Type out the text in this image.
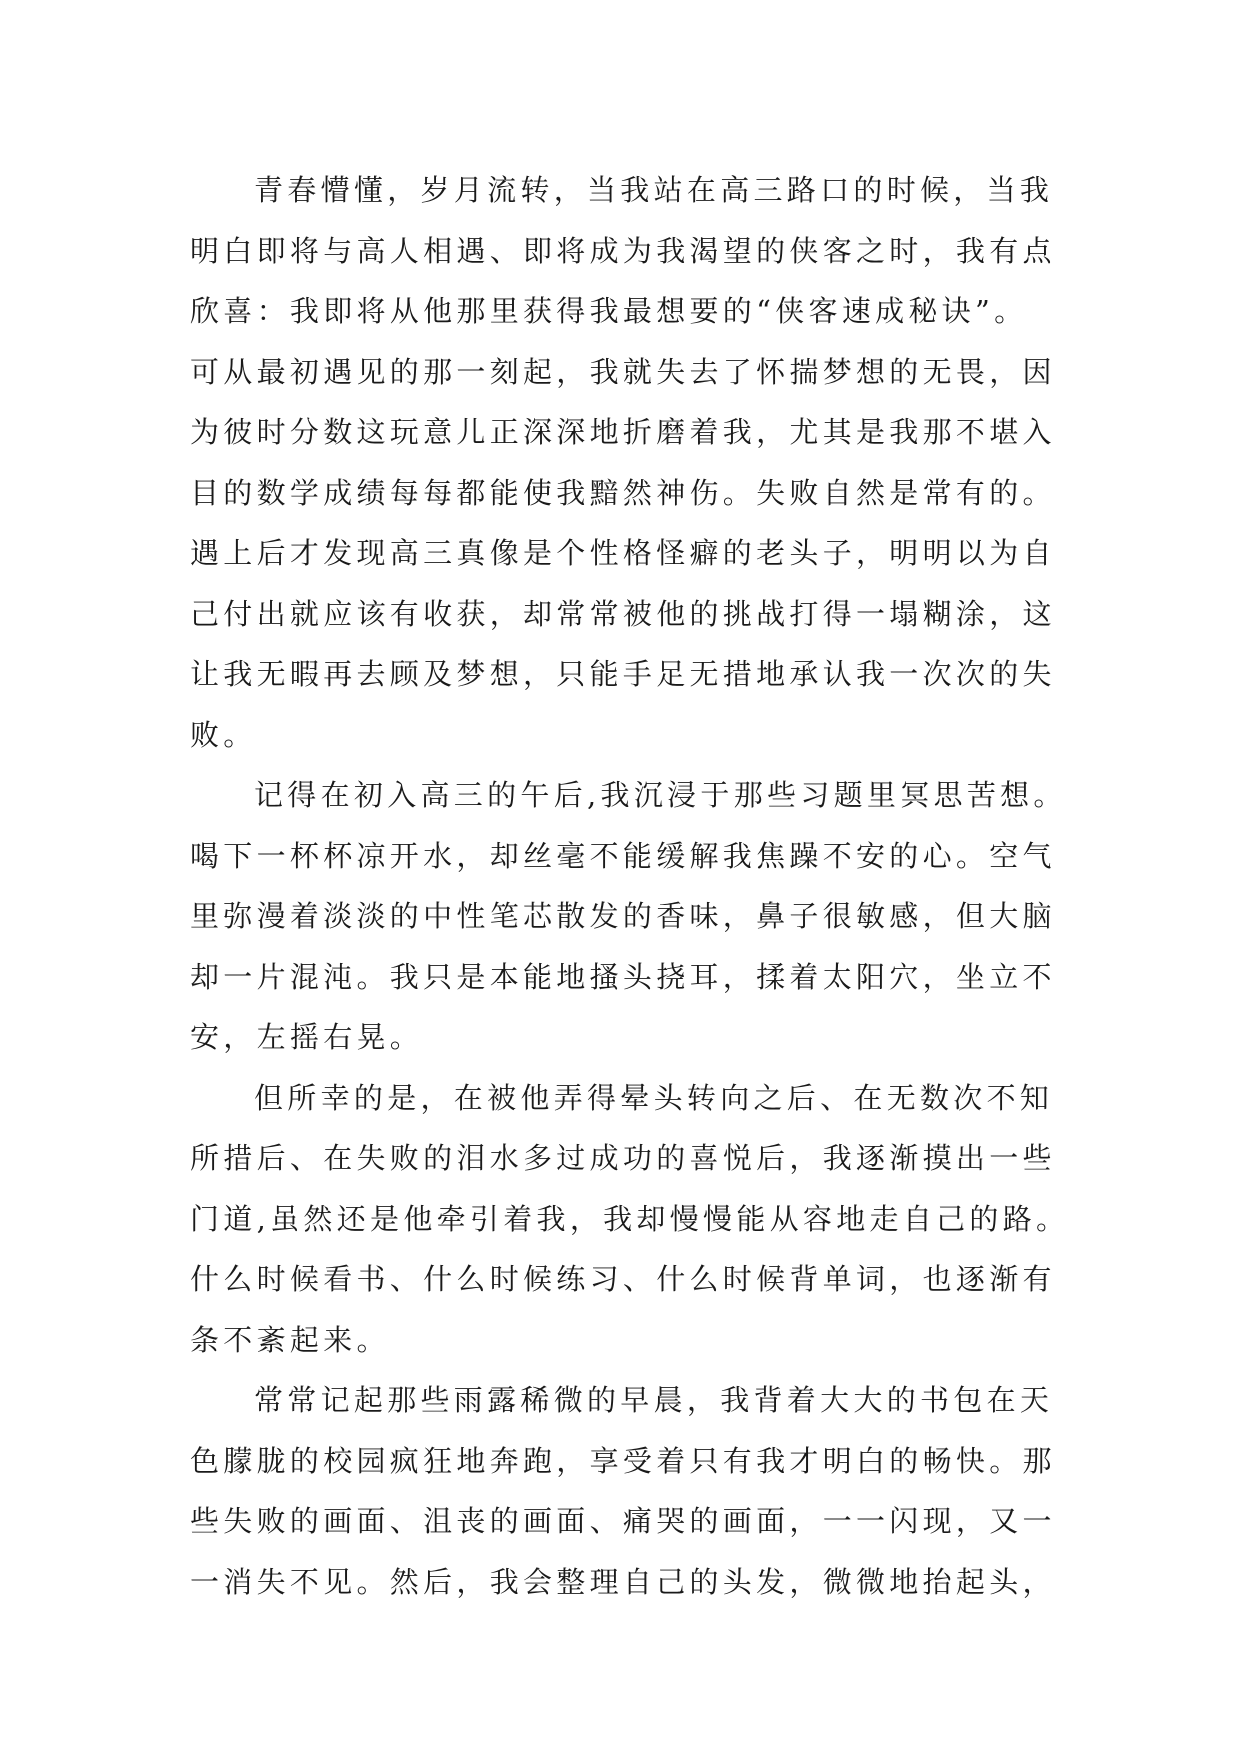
青春懵懂，岁月流转，当我站在高三路口的时候，当我
明白即将与高人相遇、即将成为我渴望的侠客之时，我有点
欣喜：我即将从他那里获得我最想要的“侠客速成秘诀”。
可从最初遇见的那一刻起，我就失去了怀揣梦想的无畏，因
为彼时分数这玩意儿正深深地折磨着我，尤其是我那不堪入
目的数学成绩每每都能使我黯然神伤。失败自然是常有的。
遇上后才发现高三真像是个性格怪癖的老头子，明明以为自
己付出就应该有收获，却常常被他的挑战打得一塌糊涂，这
让我无暇再去顾及梦想，只能手足无措地承认我一次次的失
败。
记得在初入高三的午后,我沉浸于那些习题里冥思苦想。
喝下一杯杯凉开水，却丝毫不能缓解我焦躁不安的心。空气
里弥漫着淡淡的中性笔芯散发的香味，鼻子很敏感，但大脑
却一片混沌。我只是本能地搔头挠耳，揉着太阳穴，坐立不
安，左摇右晃。
但所幸的是，在被他弄得晕头转向之后、在无数次不知
所措后、在失败的泪水多过成功的喜悦后，我逐渐摸出一些
门道,虽然还是他牵引着我，我却慢慢能从容地走自己的路。
什么时候看书、什么时候练习、什么时候背单词，也逐渐有
条不紊起来。
常常记起那些雨露稀微的早晨，我背着大大的书包在天
色朦胧的校园疯狂地奔跑，享受着只有我才明白的畅快。那
些失败的画面、沮丧的画面、痛哭的画面，一一闪现，又一
一消失不见。然后，我会整理自己的头发，微微地抬起头，
